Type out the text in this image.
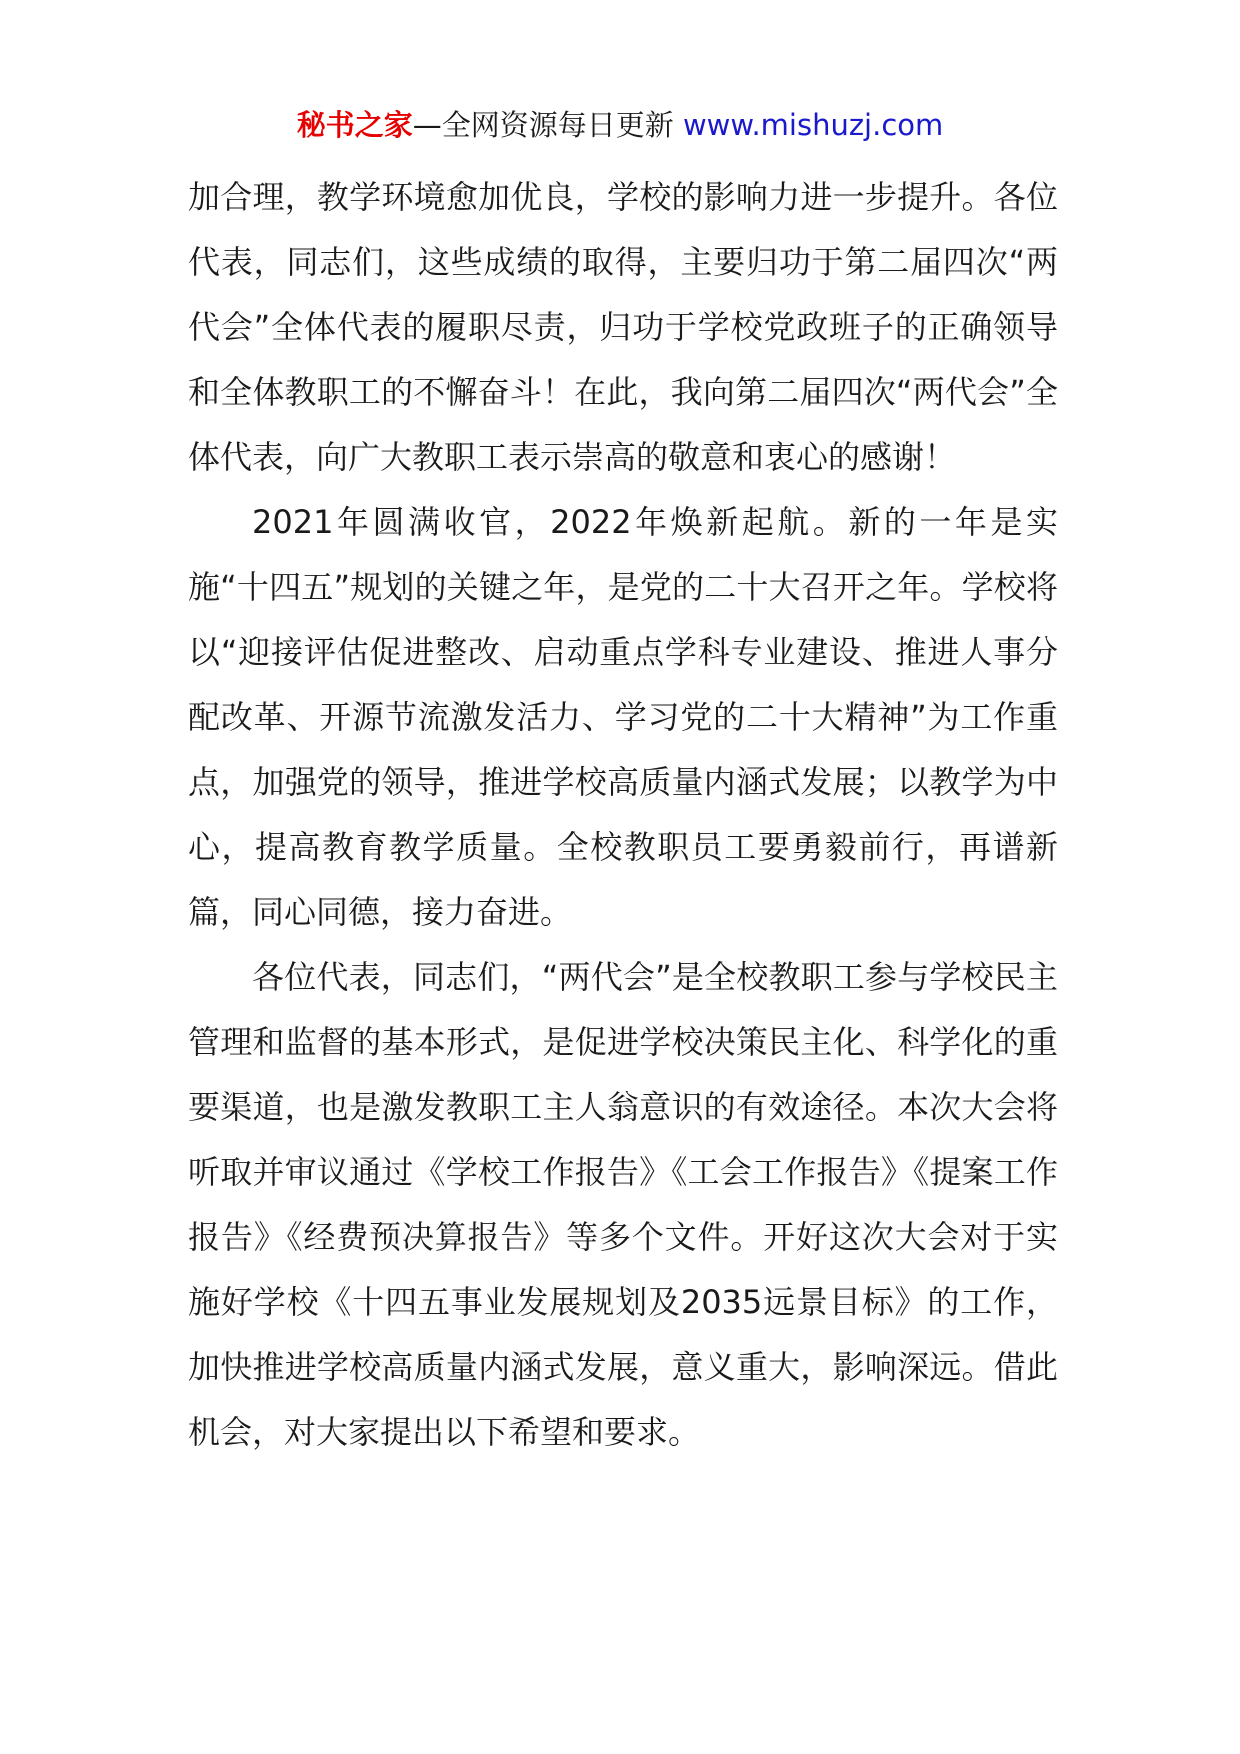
秘书之家—全网资源每日更新 www.mishuzj.com

加合理，教学环境愈加优良，学校的影响力进一步提升。各位代表，同志们，这些成绩的取得，主要归功于第二届四次“两代会”全体代表的履职尽责，归功于学校党政班子的正确领导和全体教职工的不懈奋斗！在此，我向第二届四次“两代会”全体代表，向广大教职工表示崇高的敬意和衷心的感谢！

2021年圆满收官，2022年焕新起航。新的一年是实施“十四五”规划的关键之年，是党的二十大召开之年。学校将以“迎接评估促进整改、启动重点学科专业建设、推进人事分配改革、开源节流激发活力、学习党的二十大精神”为工作重点，加强党的领导，推进学校高质量内涵式发展；以教学为中心，提高教育教学质量。全校教职员工要勇毅前行，再谱新篇，同心同德，接力奋进。

各位代表，同志们，“两代会”是全校教职工参与学校民主管理和监督的基本形式，是促进学校决策民主化、科学化的重要渠道，也是激发教职工主人翁意识的有效途径。本次大会将听取并审议通过《学校工作报告》《工会工作报告》《提案工作报告》《经费预决算报告》等多个文件。开好这次大会对于实施好学校《十四五事业发展规划及2035远景目标》的工作，加快推进学校高质量内涵式发展，意义重大，影响深远。借此机会，对大家提出以下希望和要求。
